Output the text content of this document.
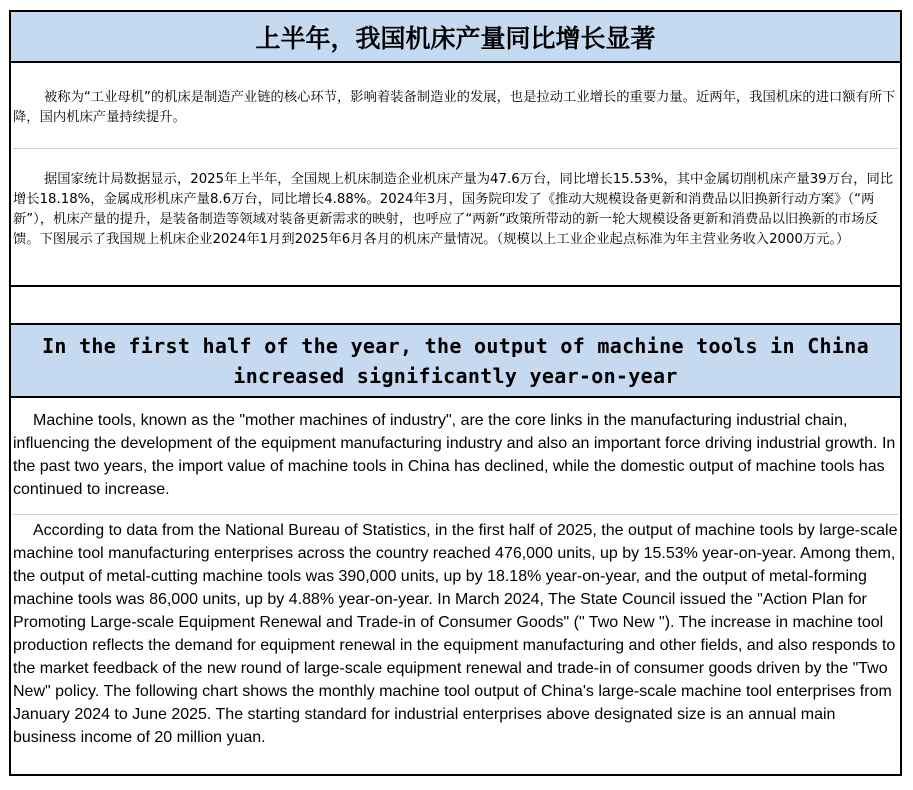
上半年，我国机床产量同比增长显著
被称为“工业母机”的机床是制造产业链的核心环节，影响着装备制造业的发展，也是拉动工业增长的重要力量。近两年，我国机床的进口额有所下降，国内机床产量持续提升。
据国家统计局数据显示，2025年上半年，全国规上机床制造企业机床产量为47.6万台，同比增长15.53%，其中金属切削机床产量39万台，同比增长18.18%，金属成形机床产量8.6万台，同比增长4.88%。2024年3月，国务院印发了《推动大规模设备更新和消费品以旧换新行动方案》（“两新”），机床产量的提升，是装备制造等领域对装备更新需求的映射，也呼应了“两新”政策所带动的新一轮大规模设备更新和消费品以旧换新的市场反馈。下图展示了我国规上机床企业2024年1月到2025年6月各月的机床产量情况。（规模以上工业企业起点标准为年主营业务收入2000万元。）
In the first half of the year, the output of machine tools in China increased significantly year-on-year
Machine tools, known as the "mother machines of industry", are the core links in the manufacturing industrial chain, influencing the development of the equipment manufacturing industry and also an important force driving industrial growth. In the past two years, the import value of machine tools in China has declined, while the domestic output of machine tools has continued to increase.
According to data from the National Bureau of Statistics, in the first half of 2025, the output of machine tools by large-scale machine tool manufacturing enterprises across the country reached 476,000 units, up by 15.53% year-on-year. Among them, the output of metal-cutting machine tools was 390,000 units, up by 18.18% year-on-year, and the output of metal-forming machine tools was 86,000 units, up by 4.88% year-on-year. In March 2024, The State Council issued the "Action Plan for Promoting Large-scale Equipment Renewal and Trade-in of Consumer Goods" (" Two New "). The increase in machine tool production reflects the demand for equipment renewal in the equipment manufacturing and other fields, and also responds to the market feedback of the new round of large-scale equipment renewal and trade-in of consumer goods driven by the "Two New" policy. The following chart shows the monthly machine tool output of China's large-scale machine tool enterprises from January 2024 to June 2025. The starting standard for industrial enterprises above designated size is an annual main business income of 20 million yuan.
